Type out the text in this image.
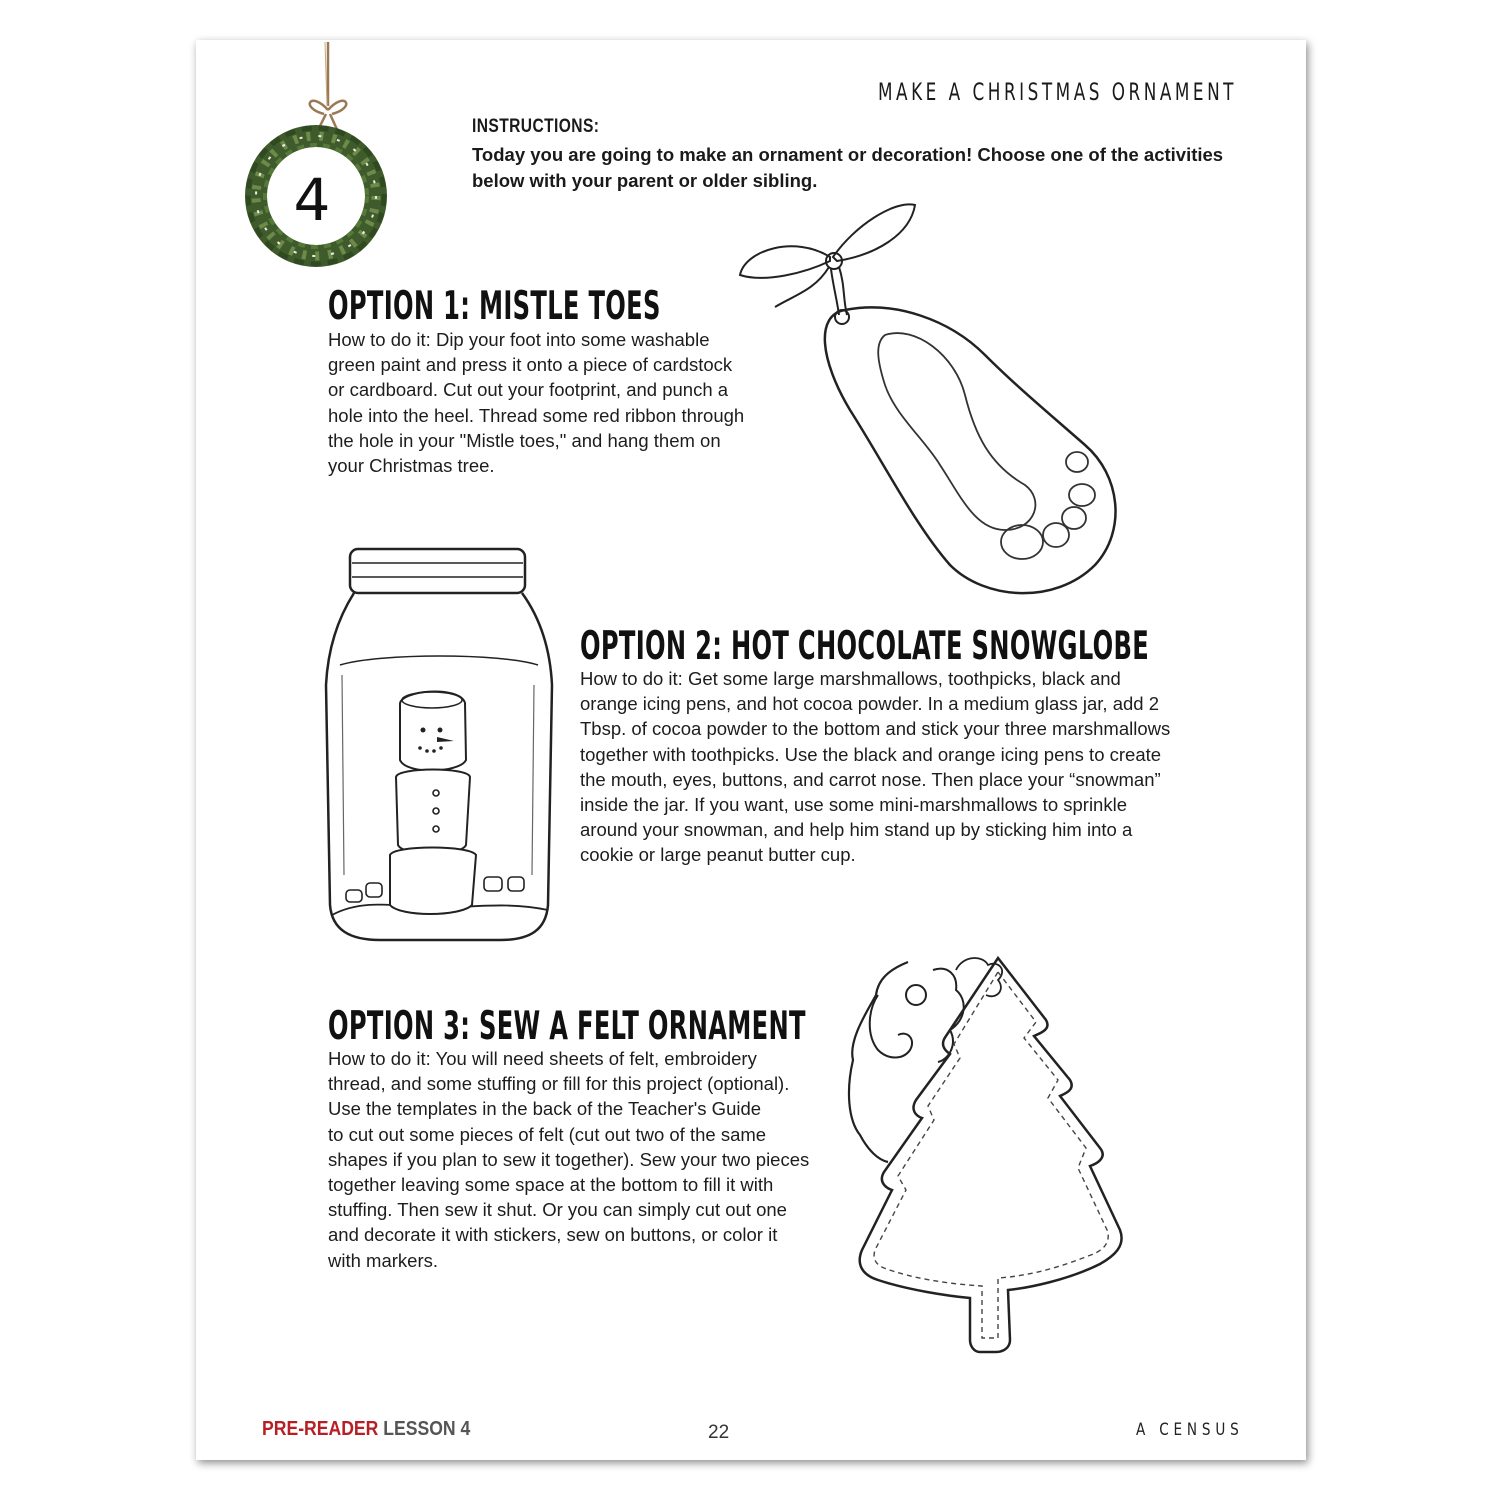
MAKE A CHRISTMAS ORNAMENT
4
INSTRUCTIONS:
Today you are going to make an ornament or decoration! Choose one of the activities below with your parent or older sibling.
OPTION 1: MISTLE TOES
How to do it: Dip your foot into some washable
green paint and press it onto a piece of cardstock
or cardboard. Cut out your footprint, and punch a
hole into the heel. Thread some red ribbon through
the hole in your "Mistle toes," and hang them on
your Christmas tree.
OPTION 2: HOT CHOCOLATE SNOWGLOBE
How to do it: Get some large marshmallows, toothpicks, black and
orange icing pens, and hot cocoa powder. In a medium glass jar, add 2
Tbsp. of cocoa powder to the bottom and stick your three marshmallows
together with toothpicks. Use the black and orange icing pens to create
the mouth, eyes, buttons, and carrot nose. Then place your “snowman”
inside the jar. If you want, use some mini-marshmallows to sprinkle
around your snowman, and help him stand up by sticking him into a
cookie or large peanut butter cup.
OPTION 3: SEW A FELT ORNAMENT
How to do it: You will need sheets of felt, embroidery
thread, and some stuffing or fill for this project (optional).
Use the templates in the back of the Teacher's Guide
to cut out some pieces of felt (cut out two of the same
shapes if you plan to sew it together). Sew your two pieces
together leaving some space at the bottom to fill it with
stuffing. Then sew it shut. Or you can simply cut out one
and decorate it with stickers, sew on buttons, or color it
with markers.
PRE-READER LESSON 4	22	A CENSUS
